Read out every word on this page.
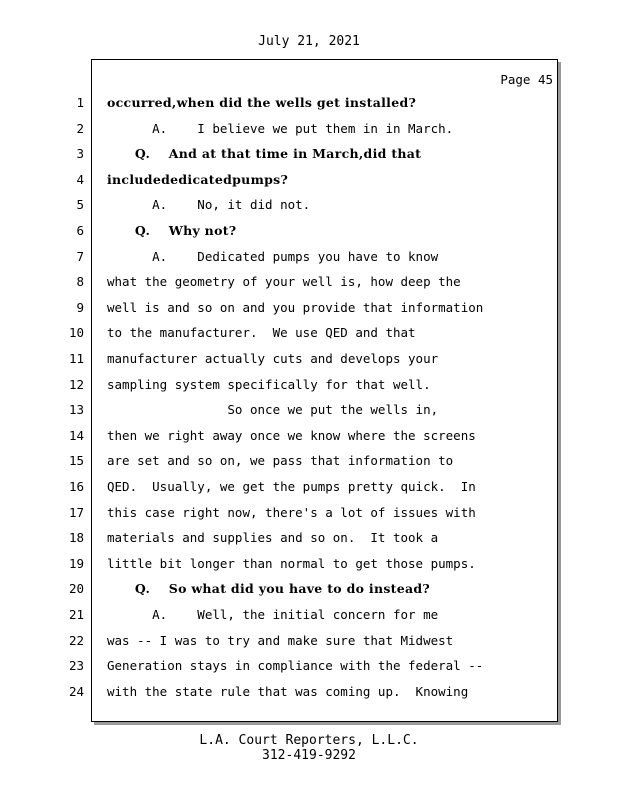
July 21, 2021
Page 45
1 occurred,when did the wells get installed?
2 A.    I believe we put them in in March.
3 Q.    And at that time in March,did that
4 includededicatedpumps?
5 A.    No, it did not.
6 Q.    Why not?
7 A.    Dedicated pumps you have to know
8 what the geometry of your well is, how deep the
9 well is and so on and you provide that information
10 to the manufacturer.  We use QED and that
11 manufacturer actually cuts and develops your
12 sampling system specifically for that well.
13 So once we put the wells in,
14 then we right away once we know where the screens
15 are set and so on, we pass that information to
16 QED.  Usually, we get the pumps pretty quick.  In
17 this case right now, there's a lot of issues with
18 materials and supplies and so on.  It took a
19 little bit longer than normal to get those pumps.
20 Q.    So what did you have to do instead?
21 A.    Well, the initial concern for me
22 was -- I was to try and make sure that Midwest
23 Generation stays in compliance with the federal --
24 with the state rule that was coming up.  Knowing
L.A. Court Reporters, L.L.C.
312-419-9292
